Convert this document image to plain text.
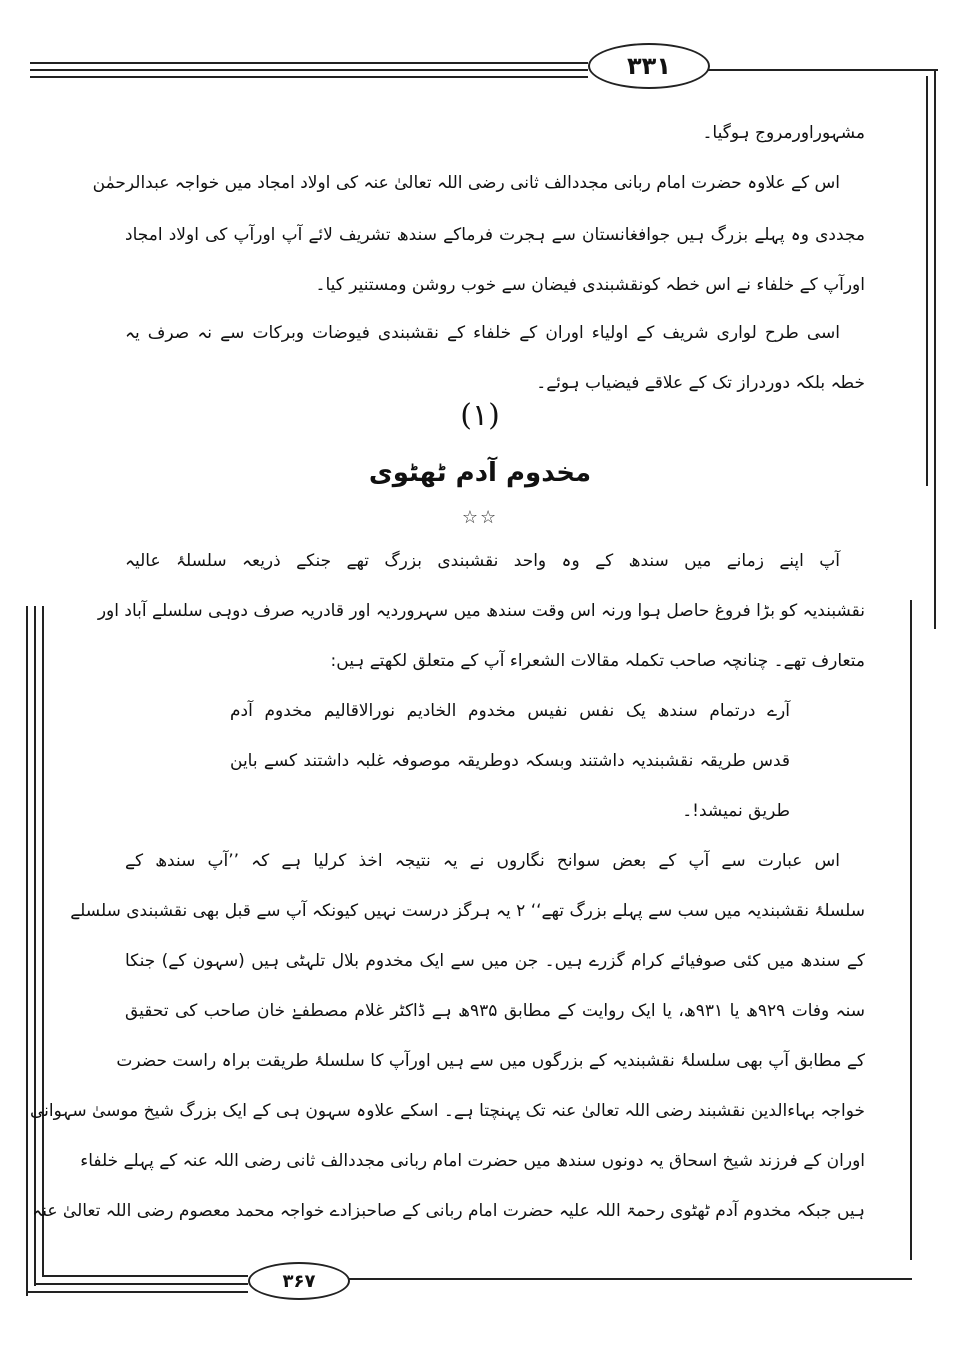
۳۳۱
۳۶۷
مشہوراورمروج ہوگیا۔
اس کے علاوہ حضرت امام ربانی مجددالف ثانی رضی اللہ تعالیٰ عنہ کی اولاد امجاد میں خواجہ عبدالرحمٰن
مجددی وہ پہلے بزرگ ہیں جوافغانستان سے ہجرت فرماکے سندھ تشریف لائے آپ اورآپ کی اولاد امجاد
اورآپ کے خلفاء نے اس خطہ کونقشبندی فیضان سے خوب روشن ومستنیر کیا۔
اسی طرح لواری شریف کے اولیاء اوران کے خلفاء کے نقشبندی فیوضات وبرکات سے نہ صرف یہ
خطہ بلکہ دوردراز تک کے علاقے فیضیاب ہوئے۔
(۱)
مخدوم آدم ٹھٹوی
☆☆
آپ اپنے زمانے میں سندھ کے وہ واحد نقشبندی بزرگ تھے جنکے ذریعہ سلسلۂ عالیہ
نقشبندیہ کو بڑا فروغ حاصل ہوا ورنہ اس وقت سندھ میں سہروردیہ اور قادریہ صرف دوہی سلسلے آباد اور
متعارف تھے۔ چنانچہ صاحب تکملہ مقالات الشعراء آپ کے متعلق لکھتے ہیں:
آرے درتمام سندھ یک نفس نفیس مخدوم الخادیم نورالاقالیم مخدوم آدم
قدس طریقہ نقشبندیہ داشتند وبسکہ دوطریقہ موصوفہ غلبہ داشتند کسے باین
طریق نمیشد!۔
اس عبارت سے آپ کے بعض سوانح نگاروں نے یہ نتیجہ اخذ کرلیا ہے کہ ’’آپ سندھ کے
سلسلۂ نقشبندیہ میں سب سے پہلے بزرگ تھے‘‘ ۲ یہ ہرگز درست نہیں کیونکہ آپ سے قبل بھی نقشبندی سلسلے
کے سندھ میں کئی صوفیائے کرام گزرے ہیں۔ جن میں سے ایک مخدوم بلال تلہٹی ہیں (سہون کے) جنکا
سنہ وفات ۹۲۹ھ یا ۹۳۱ھ، یا ایک روایت کے مطابق ۹۳۵ھ ہے ڈاکٹر غلام مصطفےٰ خان صاحب کی تحقیق
کے مطابق آپ بھی سلسلۂ نقشبندیہ کے بزرگوں میں سے ہیں اورآپ کا سلسلۂ طریقت براہ راست حضرت
خواجہ بہاءالدین نقشبند رضی اللہ تعالیٰ عنہ تک پہنچتا ہے۔ اسکے علاوہ سہون ہی کے ایک بزرگ شیخ موسیٰ سہوانی
اوران کے فرزند شیخ اسحاق یہ دونوں سندھ میں حضرت امام ربانی مجددالف ثانی رضی اللہ عنہ کے پہلے خلفاء
ہیں جبکہ مخدوم آدم ٹھٹوی رحمۃ اللہ علیہ حضرت امام ربانی کے صاحبزادے خواجہ محمد معصوم رضی اللہ تعالیٰ عنہ
